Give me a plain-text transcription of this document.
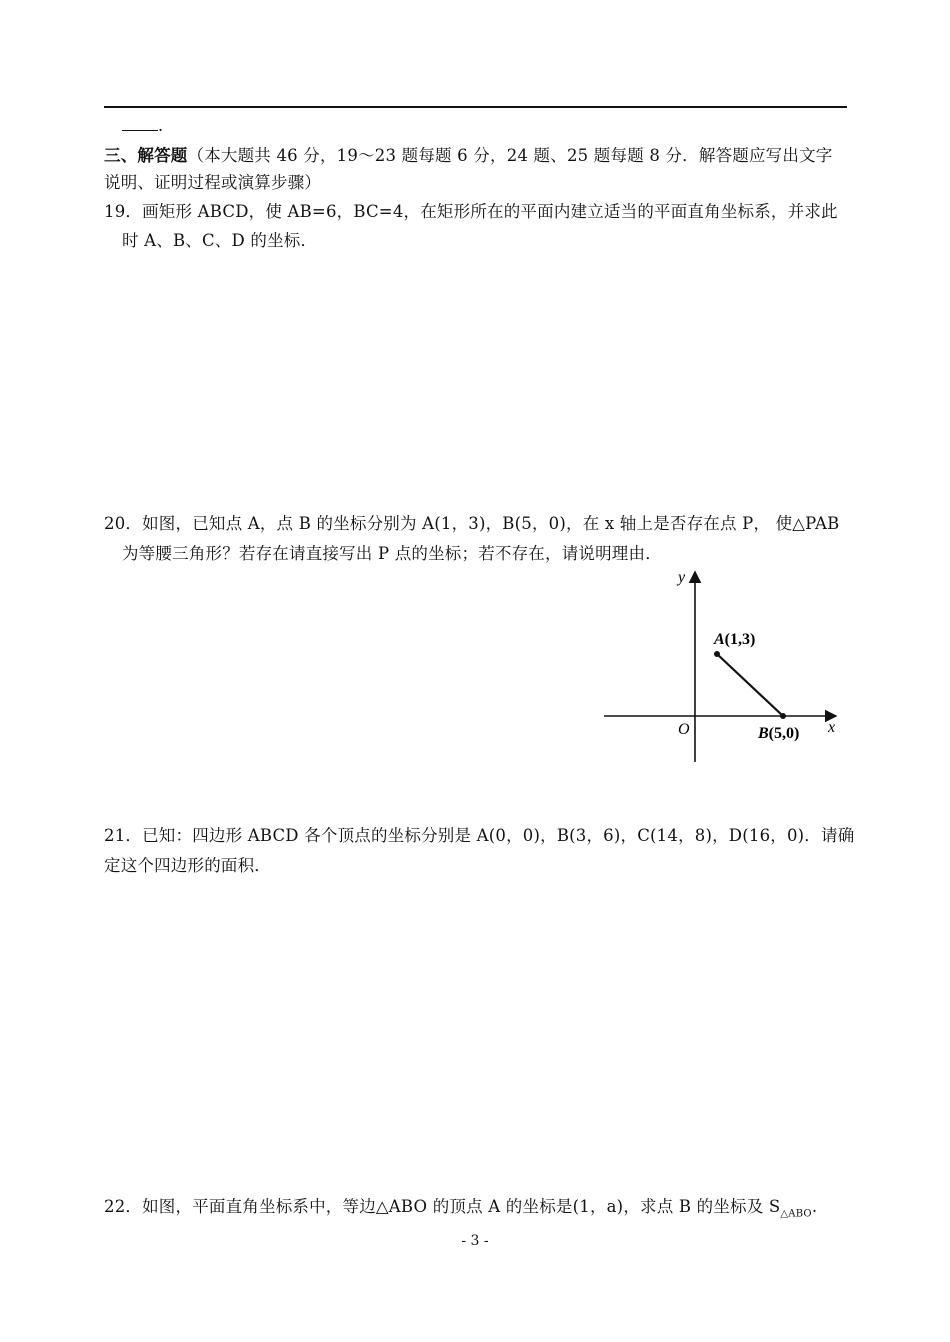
.
三、解答题（本大题共 46 分，19～23 题每题 6 分，24 题、25 题每题 8 分．解答题应写出文字
说明、证明过程或演算步骤）
19．画矩形 ABCD，使 AB=6，BC=4，在矩形所在的平面内建立适当的平面直角坐标系，并求此
时 A、B、C、D 的坐标．
20．如图，已知点 A，点 B 的坐标分别为 A(1，3)，B(5，0)，在 x 轴上是否存在点 P， 使△PAB
为等腰三角形？若存在请直接写出 P 点的坐标；若不存在，请说明理由．
y
x
O
A(1,3)
B(5,0)
21．已知：四边形 ABCD 各个顶点的坐标分别是 A(0，0)，B(3，6)，C(14，8)，D(16，0)．请确
定这个四边形的面积．
22．如图，平面直角坐标系中，等边△ABO 的顶点 A 的坐标是(1，a)，求点 B 的坐标及 $S_{\triangle ABO}$.
- 3 -
